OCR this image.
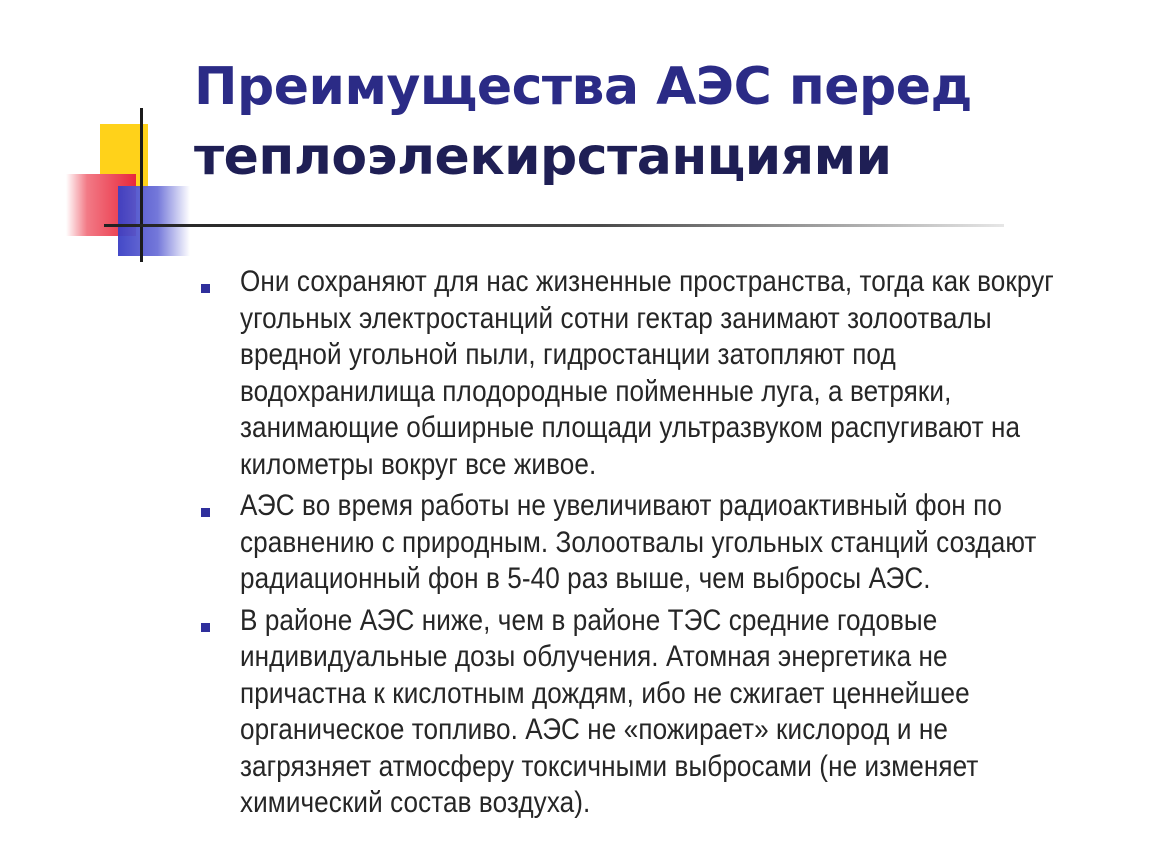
Преимущества АЭС перед
теплоэлекирстанциями
Они сохраняют для нас жизненные пространства, тогда как вокруг угольных электростанций сотни гектар занимают золоотвалы вредной угольной пыли, гидростанции затопляют под водохранилища плодородные пойменные луга, а ветряки, занимающие обширные площади ультразвуком распугивают на километры вокруг все живое.
АЭС во время работы не увеличивают радиоактивный фон по сравнению с природным. Золоотвалы угольных станций создают радиационный фон в 5-40 раз выше, чем выбросы АЭС.
В районе АЭС ниже, чем в районе ТЭС средние годовые индивидуальные дозы облучения. Атомная энергетика не причастна к кислотным дождям, ибо не сжигает ценнейшее органическое топливо. АЭС не «пожирает» кислород и не загрязняет атмосферу токсичными выбросами (не изменяет химический состав воздуха).
